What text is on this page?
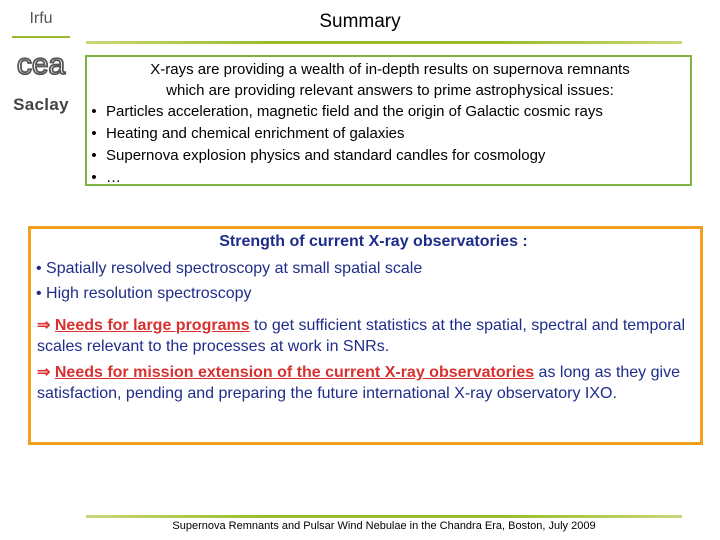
Irfu
cea
Saclay
Summary
X-rays are providing a wealth of in-depth results on supernova remnants
which are providing relevant answers to prime astrophysical issues:
• Particles acceleration, magnetic field and the origin of Galactic cosmic rays
• Heating and chemical enrichment of galaxies
• Supernova explosion physics and standard candles for cosmology
• …
Strength of current X-ray observatories :
• Spatially resolved spectroscopy at small spatial scale
• High resolution spectroscopy
⇒ Needs for large programs to get sufficient statistics at the spatial, spectral and temporal scales relevant to the processes at work in SNRs.
⇒ Needs for mission extension of the current X-ray observatories as long as they give satisfaction, pending and preparing the future international X-ray observatory IXO.
Supernova Remnants and Pulsar Wind Nebulae in the Chandra Era, Boston, July 2009
